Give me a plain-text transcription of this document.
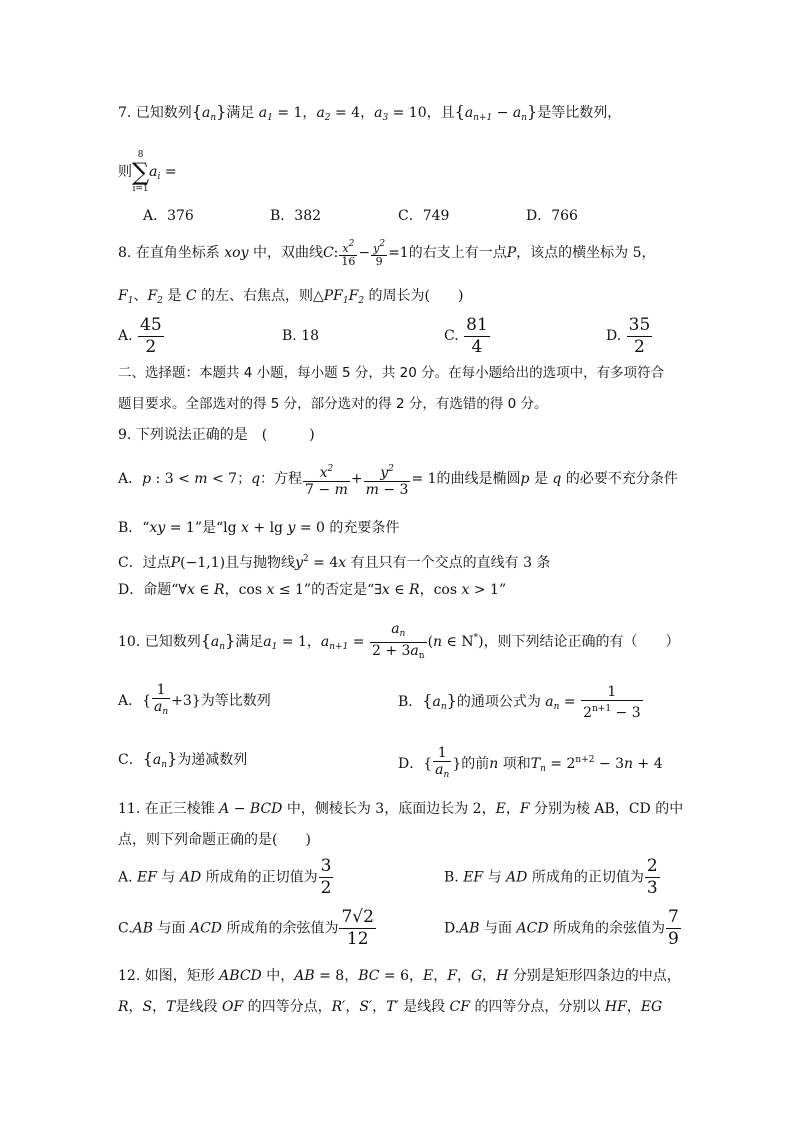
7. 已知数列$\{a_n\}$满足 $a_1 = 1$，$a_2 = 4$，$a_3 = 10$，且$\{a_{n+1} - a_n\}$是等比数列，
则
8
∑
i=1
$a_i$ =
A．376	B．382	C．749	D．766
8. 在直角坐标系 xoy 中，双曲线C: $\frac{x^2}{16} - \frac{y^2}{9} =1$的右支上有一点P，该点的横坐标为 5，
$F_1$、$F_2$ 是 C 的左、右焦点，则$\triangle PF_1F_2$ 的周长为(　　)
A. $\frac{45}{2}$	B. 18	C. $\frac{81}{4}$	D. $\frac{35}{2}$
二、选择题：本题共 4 小题，每小题 5 分，共 20 分。在每小题给出的选项中，有多项符合
题目要求。全部选对的得 5 分，部分选对的得 2 分，有选错的得 0 分。
9. 下列说法正确的是　(　　　)
A．p : 3 < m < 7；q：方程 $\frac{x^2}{7 - m} + \frac{y^2}{m - 3} = 1$的曲线是椭圆p 是 q 的必要不充分条件
B．“xy = 1”是“lg x + lg y = 0 的充要条件
C．过点P(−1,1)且与抛物线$y^2 = 4x$ 有且只有一个交点的直线有 3 条
D．命题“∀x ∈ R，cos x ≤ 1”的否定是“∃x ∈ R，cos x > 1”
10. 已知数列$\{a_n\}$满足$a_1 = 1$，$a_{n+1} = \frac{a_n}{2 + 3a_n} (n$ ∈ N*)，则下列结论正确的有（　　）
A．{ $\frac{1}{a_n} +3$}为等比数列	B．$\{a_n\}$的通项公式为 $a_n = \frac{1}{2^{n+1} - 3}$
C．$\{a_n\}$为递减数列	D．{ $\frac{1}{a_n}$ }的前n 项和$T_n = 2^{n+2} - 3n + 4$
11. 在正三棱锥 A − BCD 中，侧棱长为 3，底面边长为 2，E，F 分别为棱 AB，CD 的中
点，则下列命题正确的是(　　)
A. EF 与 AD 所成角的正切值为 $\frac{3}{2}$	B. EF 与 AD 所成角的正切值为 $\frac{2}{3}$
C.AB 与面 ACD 所成角的余弦值为 $\frac{7√2}{12}$	D.AB 与面 ACD 所成角的余弦值为 $\frac{7}{9}$
12. 如图，矩形 ABCD 中，AB = 8，BC = 6，E，F，G，H 分别是矩形四条边的中点，
R，S，T是线段 OF 的四等分点，R′，S′，T′ 是线段 CF 的四等分点，分别以 HF，EG
